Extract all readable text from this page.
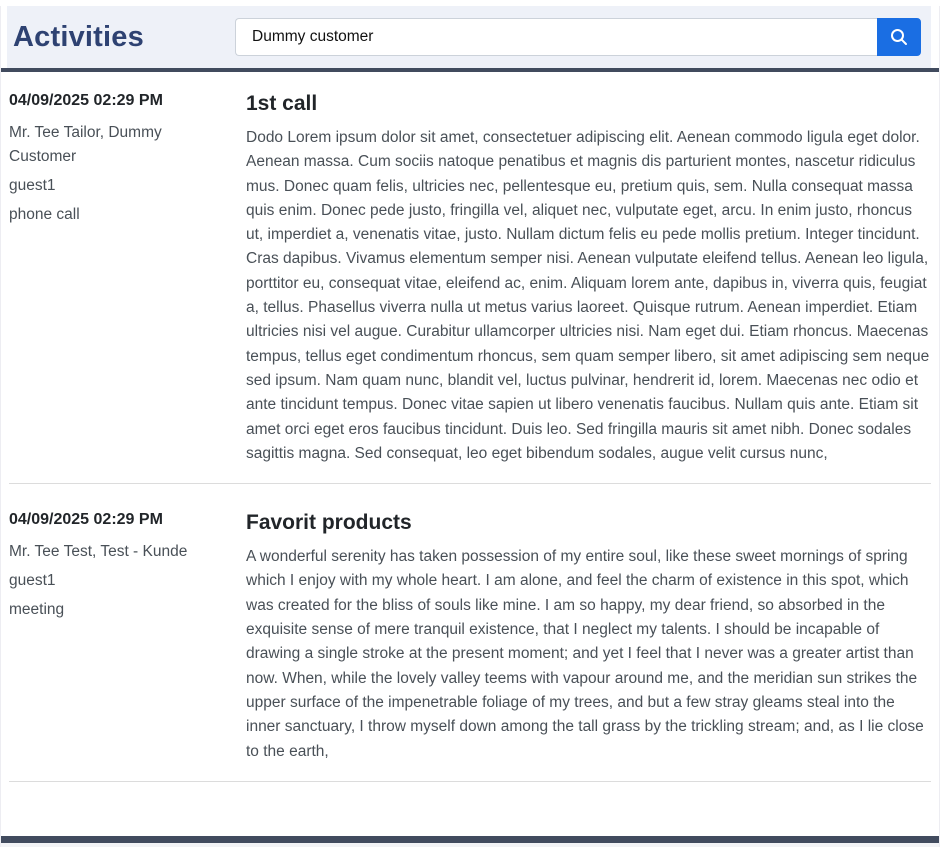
Activities
Dummy customer
04/09/2025 02:29 PM
Mr. Tee Tailor, Dummy Customer
guest1
phone call
1st call

Dodo Lorem ipsum dolor sit amet, consectetuer adipiscing elit. Aenean commodo ligula eget dolor. Aenean massa. Cum sociis natoque penatibus et magnis dis parturient montes, nascetur ridiculus mus. Donec quam felis, ultricies nec, pellentesque eu, pretium quis, sem. Nulla consequat massa quis enim. Donec pede justo, fringilla vel, aliquet nec, vulputate eget, arcu. In enim justo, rhoncus ut, imperdiet a, venenatis vitae, justo. Nullam dictum felis eu pede mollis pretium. Integer tincidunt. Cras dapibus. Vivamus elementum semper nisi. Aenean vulputate eleifend tellus. Aenean leo ligula, porttitor eu, consequat vitae, eleifend ac, enim. Aliquam lorem ante, dapibus in, viverra quis, feugiat a, tellus. Phasellus viverra nulla ut metus varius laoreet. Quisque rutrum. Aenean imperdiet. Etiam ultricies nisi vel augue. Curabitur ullamcorper ultricies nisi. Nam eget dui. Etiam rhoncus. Maecenas tempus, tellus eget condimentum rhoncus, sem quam semper libero, sit amet adipiscing sem neque sed ipsum. Nam quam nunc, blandit vel, luctus pulvinar, hendrerit id, lorem. Maecenas nec odio et ante tincidunt tempus. Donec vitae sapien ut libero venenatis faucibus. Nullam quis ante. Etiam sit amet orci eget eros faucibus tincidunt. Duis leo. Sed fringilla mauris sit amet nibh. Donec sodales sagittis magna. Sed consequat, leo eget bibendum sodales, augue velit cursus nunc,

04/09/2025 02:29 PM
Mr. Tee Test, Test - Kunde
guest1
meeting
Favorit products

A wonderful serenity has taken possession of my entire soul, like these sweet mornings of spring which I enjoy with my whole heart. I am alone, and feel the charm of existence in this spot, which was created for the bliss of souls like mine. I am so happy, my dear friend, so absorbed in the exquisite sense of mere tranquil existence, that I neglect my talents. I should be incapable of drawing a single stroke at the present moment; and yet I feel that I never was a greater artist than now. When, while the lovely valley teems with vapour around me, and the meridian sun strikes the upper surface of the impenetrable foliage of my trees, and but a few stray gleams steal into the inner sanctuary, I throw myself down among the tall grass by the trickling stream; and, as I lie close to the earth,
